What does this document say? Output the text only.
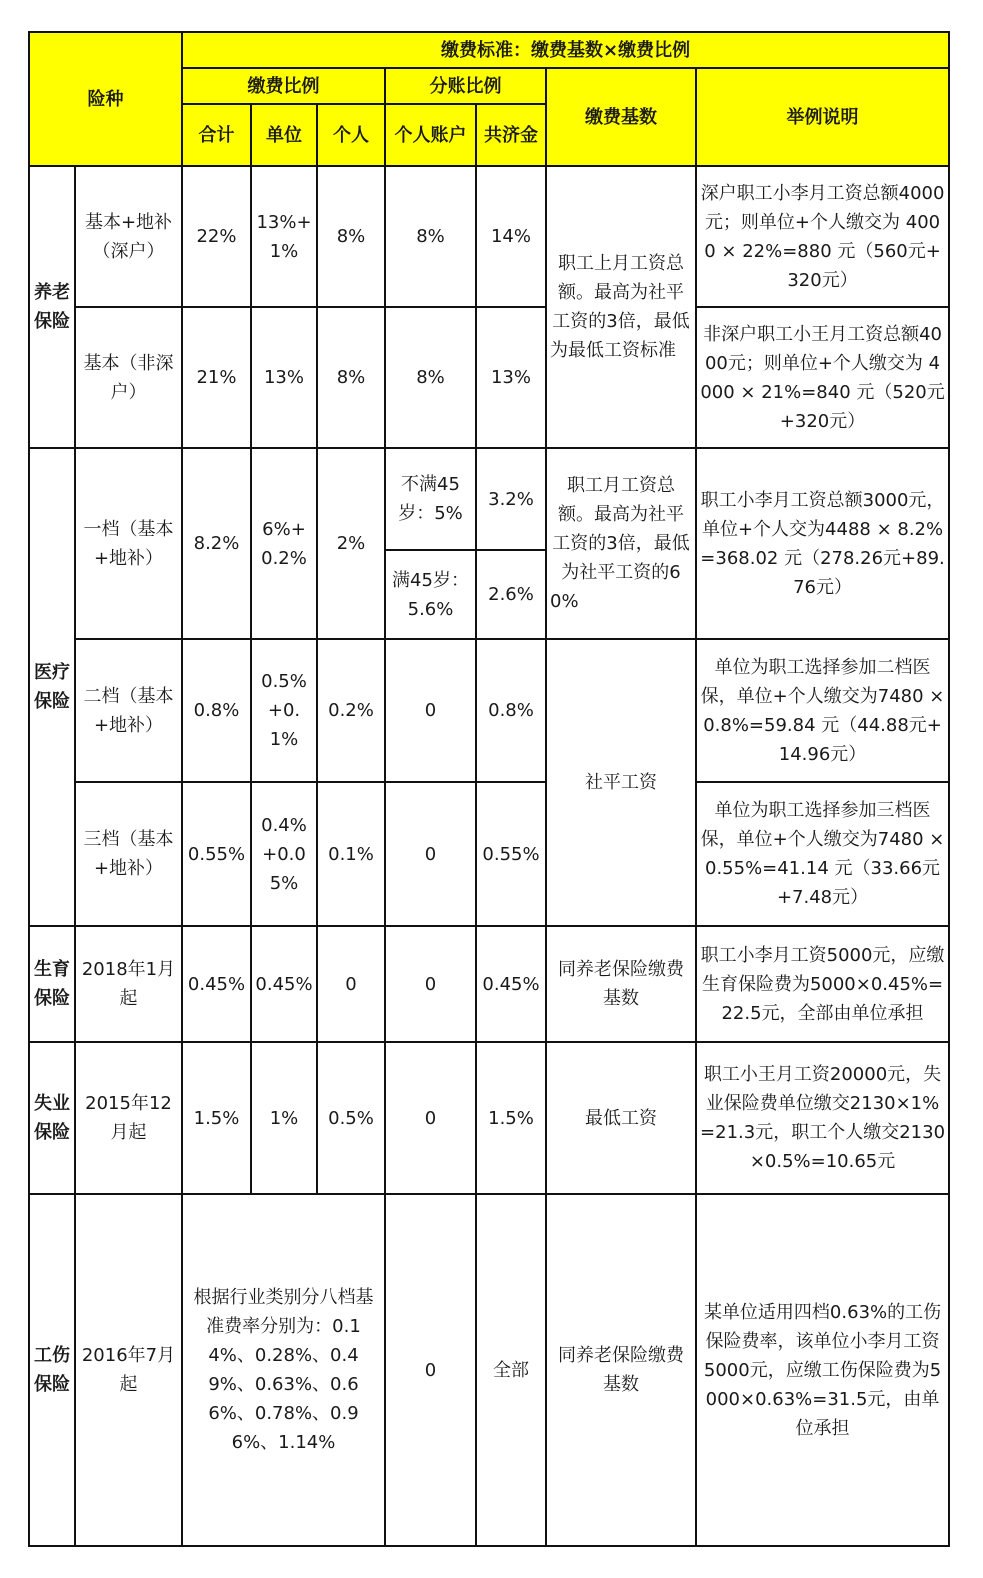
险种		缴费标准：缴费基数×缴费比例						
		缴费比例			分账比例		缴费基数	举例说明
		合计	单位	个人	个人账户	共济金		
养老保险	基本+地补（深户）	22%	13%+1%	8%	8%	14%	职工上月工资总额。最高为社平工资的3倍，最低为最低工资标准	深户职工小李月工资总额4000元；则单位+个人缴交为 4000 × 22%=880 元（560元+320元）
	基本（非深户）	21%	13%	8%	8%	13%		非深户职工小王月工资总额4000元；则单位+个人缴交为 4000 × 21%=840 元（520元+320元）
医疗保险	一档（基本+地补）	8.2%	6%+0.2%	2%	不满45岁：5%	3.2%	职工月工资总额。最高为社平工资的3倍，最低为社平工资的60%	职工小李月工资总额3000元，单位+个人交为4488 × 8.2%=368.02 元（278.26元+89.76元）
					满45岁：5.6%	2.6%		
	二档（基本+地补）	0.8%	0.5%+0.1%	0.2%	0	0.8%	社平工资	单位为职工选择参加二档医保，单位+个人缴交为7480 × 0.8%=59.84 元（44.88元+14.96元）
	三档（基本+地补）	0.55%	0.4%+0.05%	0.1%	0	0.55%		单位为职工选择参加三档医保，单位+个人缴交为7480 × 0.55%=41.14 元（33.66元+7.48元）
生育保险	2018年1月起	0.45%	0.45%	0	0	0.45%	同养老保险缴费基数	职工小李月工资5000元，应缴生育保险费为5000×0.45%=22.5元，全部由单位承担
失业保险	2015年12月起	1.5%	1%	0.5%	0	1.5%	最低工资	职工小王月工资20000元，失业保险费单位缴交2130×1%=21.3元，职工个人缴交2130×0.5%=10.65元
工伤保险	2016年7月起	根据行业类别分八档基准费率分别为：0.14%、0.28%、0.49%、0.63%、0.66%、0.78%、0.96%、1.14%			0	全部	同养老保险缴费基数	某单位适用四档0.63%的工伤保险费率，该单位小李月工资5000元，应缴工伤保险费为5000×0.63%=31.5元，由单位承担
